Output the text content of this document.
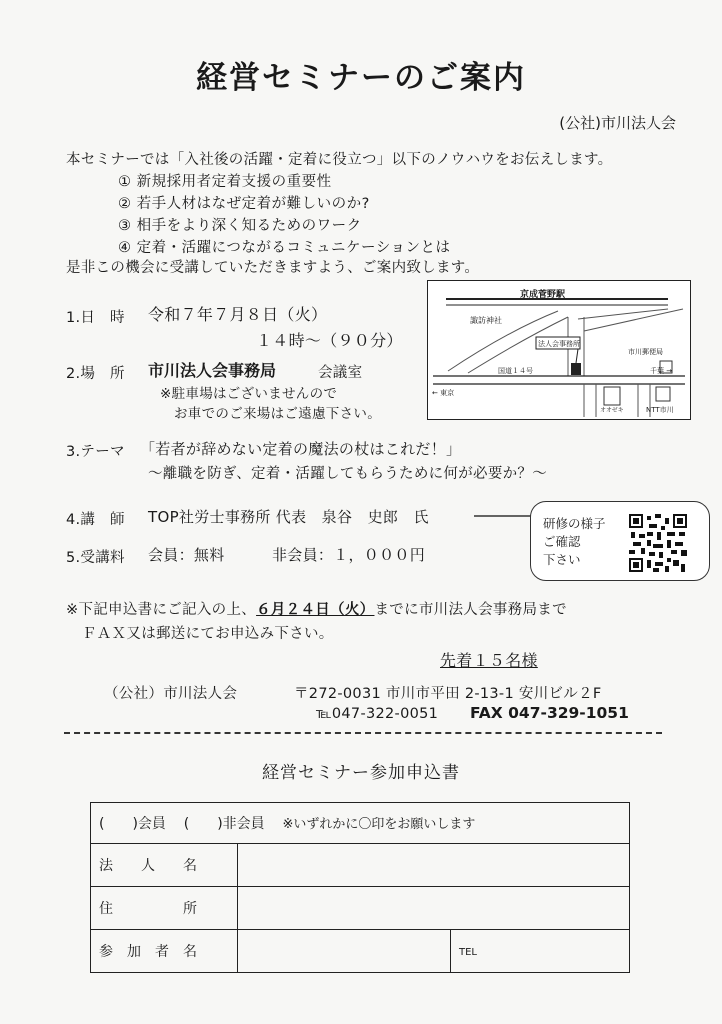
経営セミナーのご案内
(公社)市川法人会
本セミナーでは「入社後の活躍・定着に役立つ」以下のノウハウをお伝えします。
① 新規採用者定着支援の重要性
② 若手人材はなぜ定着が難しいのか?
③ 相手をより深く知るためのワーク
④ 定着・活躍につながるコミュニケーションとは
是非この機会に受講していただきますよう、ご案内致します。
1.日　時 令和７年７月８日（火）
１４時～（９０分）
2.場　所 市川法人会事務局	会議室
※駐車場はございませんので
お車でのご来場はご遠慮下さい。
3.テーマ 「若者が辞めない定着の魔法の杖はこれだ！」
～離職を防ぎ、定着・活躍してもらうために何が必要か？～
4.講　師 TOP社労士事務所 代表　泉谷　史郎　氏
5.受講料 会員：無料	非会員：１，０００円
京成菅野駅
諏訪神社
法人会事務所
市川郵便局
国道１４号
← 東京
千葉 →
オオゼキ	NTT市川
研修の様子
ご確認
下さい
※下記申込書にご記入の上、６月２４日（火）までに市川法人会事務局まで
ＦＡＸ又は郵送にてお申込み下さい。
先着１５名様
（公社）市川法人会	〒272-0031 市川市平田 2-13-1 安川ビル２F
℡047-322-0051 FAX 047-329-1051
経営セミナー参加申込書
(　　)会員 (　　)非会員 ※いずれかに〇印をお願いします		
法　　人　　名		
住　　　　　所		
参　加　者　名		TEL
